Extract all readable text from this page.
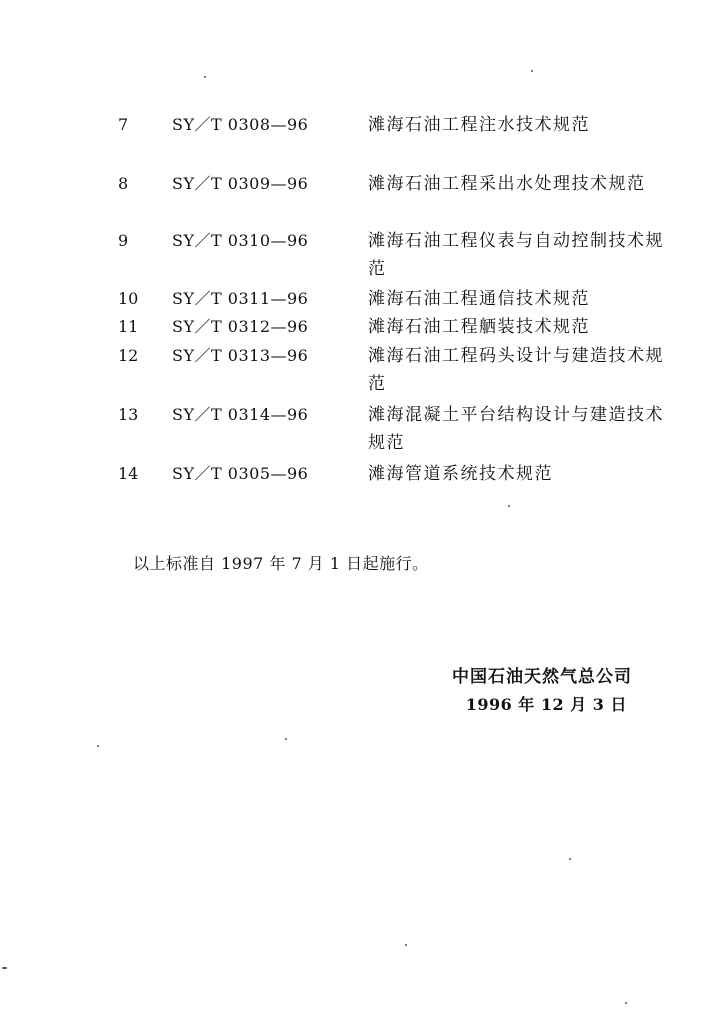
7	SY／T 0308—96	滩海石油工程注水技术规范
8	SY／T 0309—96	滩海石油工程采出水处理技术规范
9	SY／T 0310—96	滩海石油工程仪表与自动控制技术规范
10	SY／T 0311—96	滩海石油工程通信技术规范
11	SY／T 0312—96	滩海石油工程舾装技术规范
12	SY／T 0313—96	滩海石油工程码头设计与建造技术规范
13	SY／T 0314—96	滩海混凝土平台结构设计与建造技术规范
14	SY／T 0305—96	滩海管道系统技术规范
以上标准自 1997 年 7 月 1 日起施行。
中国石油天然气总公司
1996 年 12 月 3 日
